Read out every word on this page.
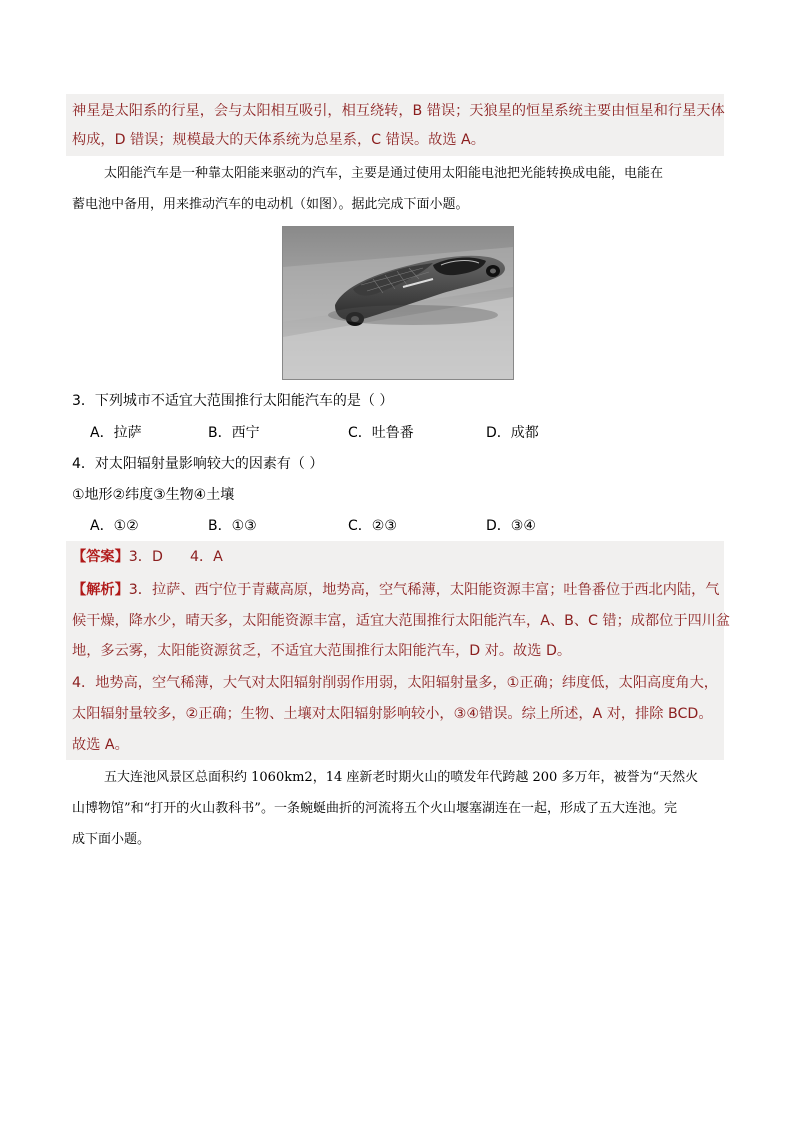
神星是太阳系的行星，会与太阳相互吸引，相互绕转，B 错误；天狼星的恒星系统主要由恒星和行星天体
构成，D 错误；规模最大的天体系统为总星系，C 错误。故选 A。
太阳能汽车是一种靠太阳能来驱动的汽车，主要是通过使用太阳能电池把光能转换成电能，电能在
蓄电池中备用，用来推动汽车的电动机（如图）。据此完成下面小题。
3．下列城市不适宜大范围推行太阳能汽车的是（ ）
A．拉萨	B．西宁	C．吐鲁番	D．成都
4．对太阳辐射量影响较大的因素有（ ）
①地形②纬度③生物④土壤
A．①②	B．①③	C．②③	D．③④
【答案】3．D      4．A
【解析】3．拉萨、西宁位于青藏高原，地势高，空气稀薄，太阳能资源丰富；吐鲁番位于西北内陆，气
候干燥，降水少，晴天多，太阳能资源丰富，适宜大范围推行太阳能汽车，A、B、C 错；成都位于四川盆
地，多云雾，太阳能资源贫乏，不适宜大范围推行太阳能汽车，D 对。故选 D。
4．地势高，空气稀薄，大气对太阳辐射削弱作用弱，太阳辐射量多，①正确；纬度低，太阳高度角大，
太阳辐射量较多，②正确；生物、土壤对太阳辐射影响较小，③④错误。综上所述，A 对，排除 BCD。
故选 A。
五大连池风景区总面积约 1060km2，14 座新老时期火山的喷发年代跨越 200 多万年，被誉为“天然火
山博物馆”和“打开的火山教科书”。一条蜿蜒曲折的河流将五个火山堰塞湖连在一起，形成了五大连池。完
成下面小题。
